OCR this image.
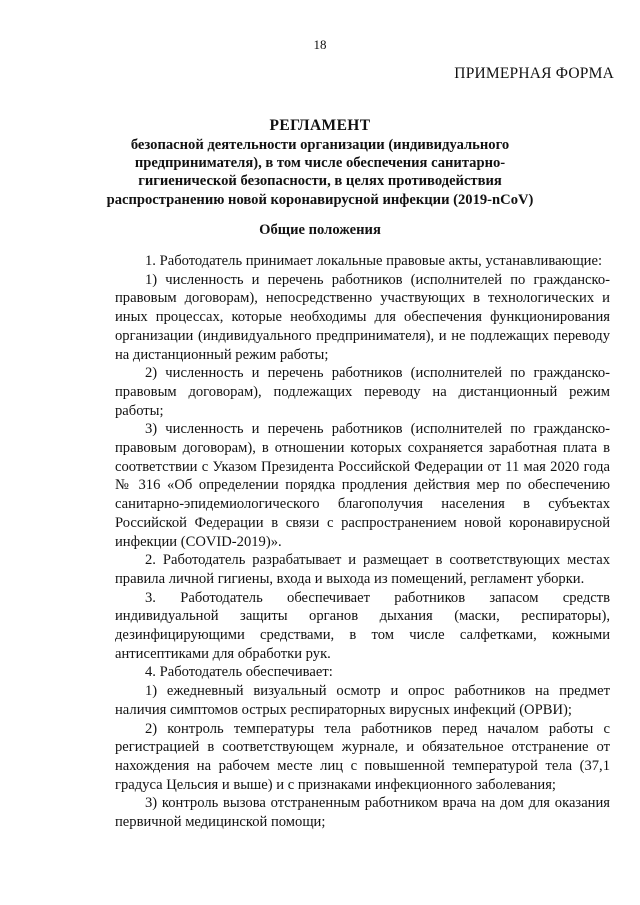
18
ПРИМЕРНАЯ ФОРМА
РЕГЛАМЕНТ
безопасной деятельности организации (индивидуального предпринимателя), в том числе обеспечения санитарно-гигиенической безопасности, в целях противодействия распространению новой коронавирусной инфекции (2019-nCoV)
Общие положения

1. Работодатель принимает локальные правовые акты, устанавливающие:

1) численность и перечень работников (исполнителей по гражданско-правовым договорам), непосредственно участвующих в технологических и иных процессах, которые необходимы для обеспечения функционирования организации (индивидуального предпринимателя), и не подлежащих переводу на дистанционный режим работы;

2) численность и перечень работников (исполнителей по гражданско-правовым договорам), подлежащих переводу на дистанционный режим работы;

3) численность и перечень работников (исполнителей по гражданско-правовым договорам), в отношении которых сохраняется заработная плата в соответствии с Указом Президента Российской Федерации от 11 мая 2020 года № 316 «Об определении порядка продления действия мер по обеспечению санитарно-эпидемиологического благополучия населения в субъектах Российской Федерации в связи с распространением новой коронавирусной инфекции (COVID-2019)».

2. Работодатель разрабатывает и размещает в соответствующих местах правила личной гигиены, входа и выхода из помещений, регламент уборки.

3. Работодатель обеспечивает работников запасом средств индивидуальной защиты органов дыхания (маски, респираторы), дезинфицирующими средствами, в том числе салфетками, кожными антисептиками для обработки рук.

4. Работодатель обеспечивает:

1) ежедневный визуальный осмотр и опрос работников на предмет наличия симптомов острых респираторных вирусных инфекций (ОРВИ);

2) контроль температуры тела работников перед началом работы с регистрацией в соответствующем журнале, и обязательное отстранение от нахождения на рабочем месте лиц с повышенной температурой тела (37,1 градуса Цельсия и выше) и с признаками инфекционного заболевания;

3) контроль вызова отстраненным работником врача на дом для оказания первичной медицинской помощи;
